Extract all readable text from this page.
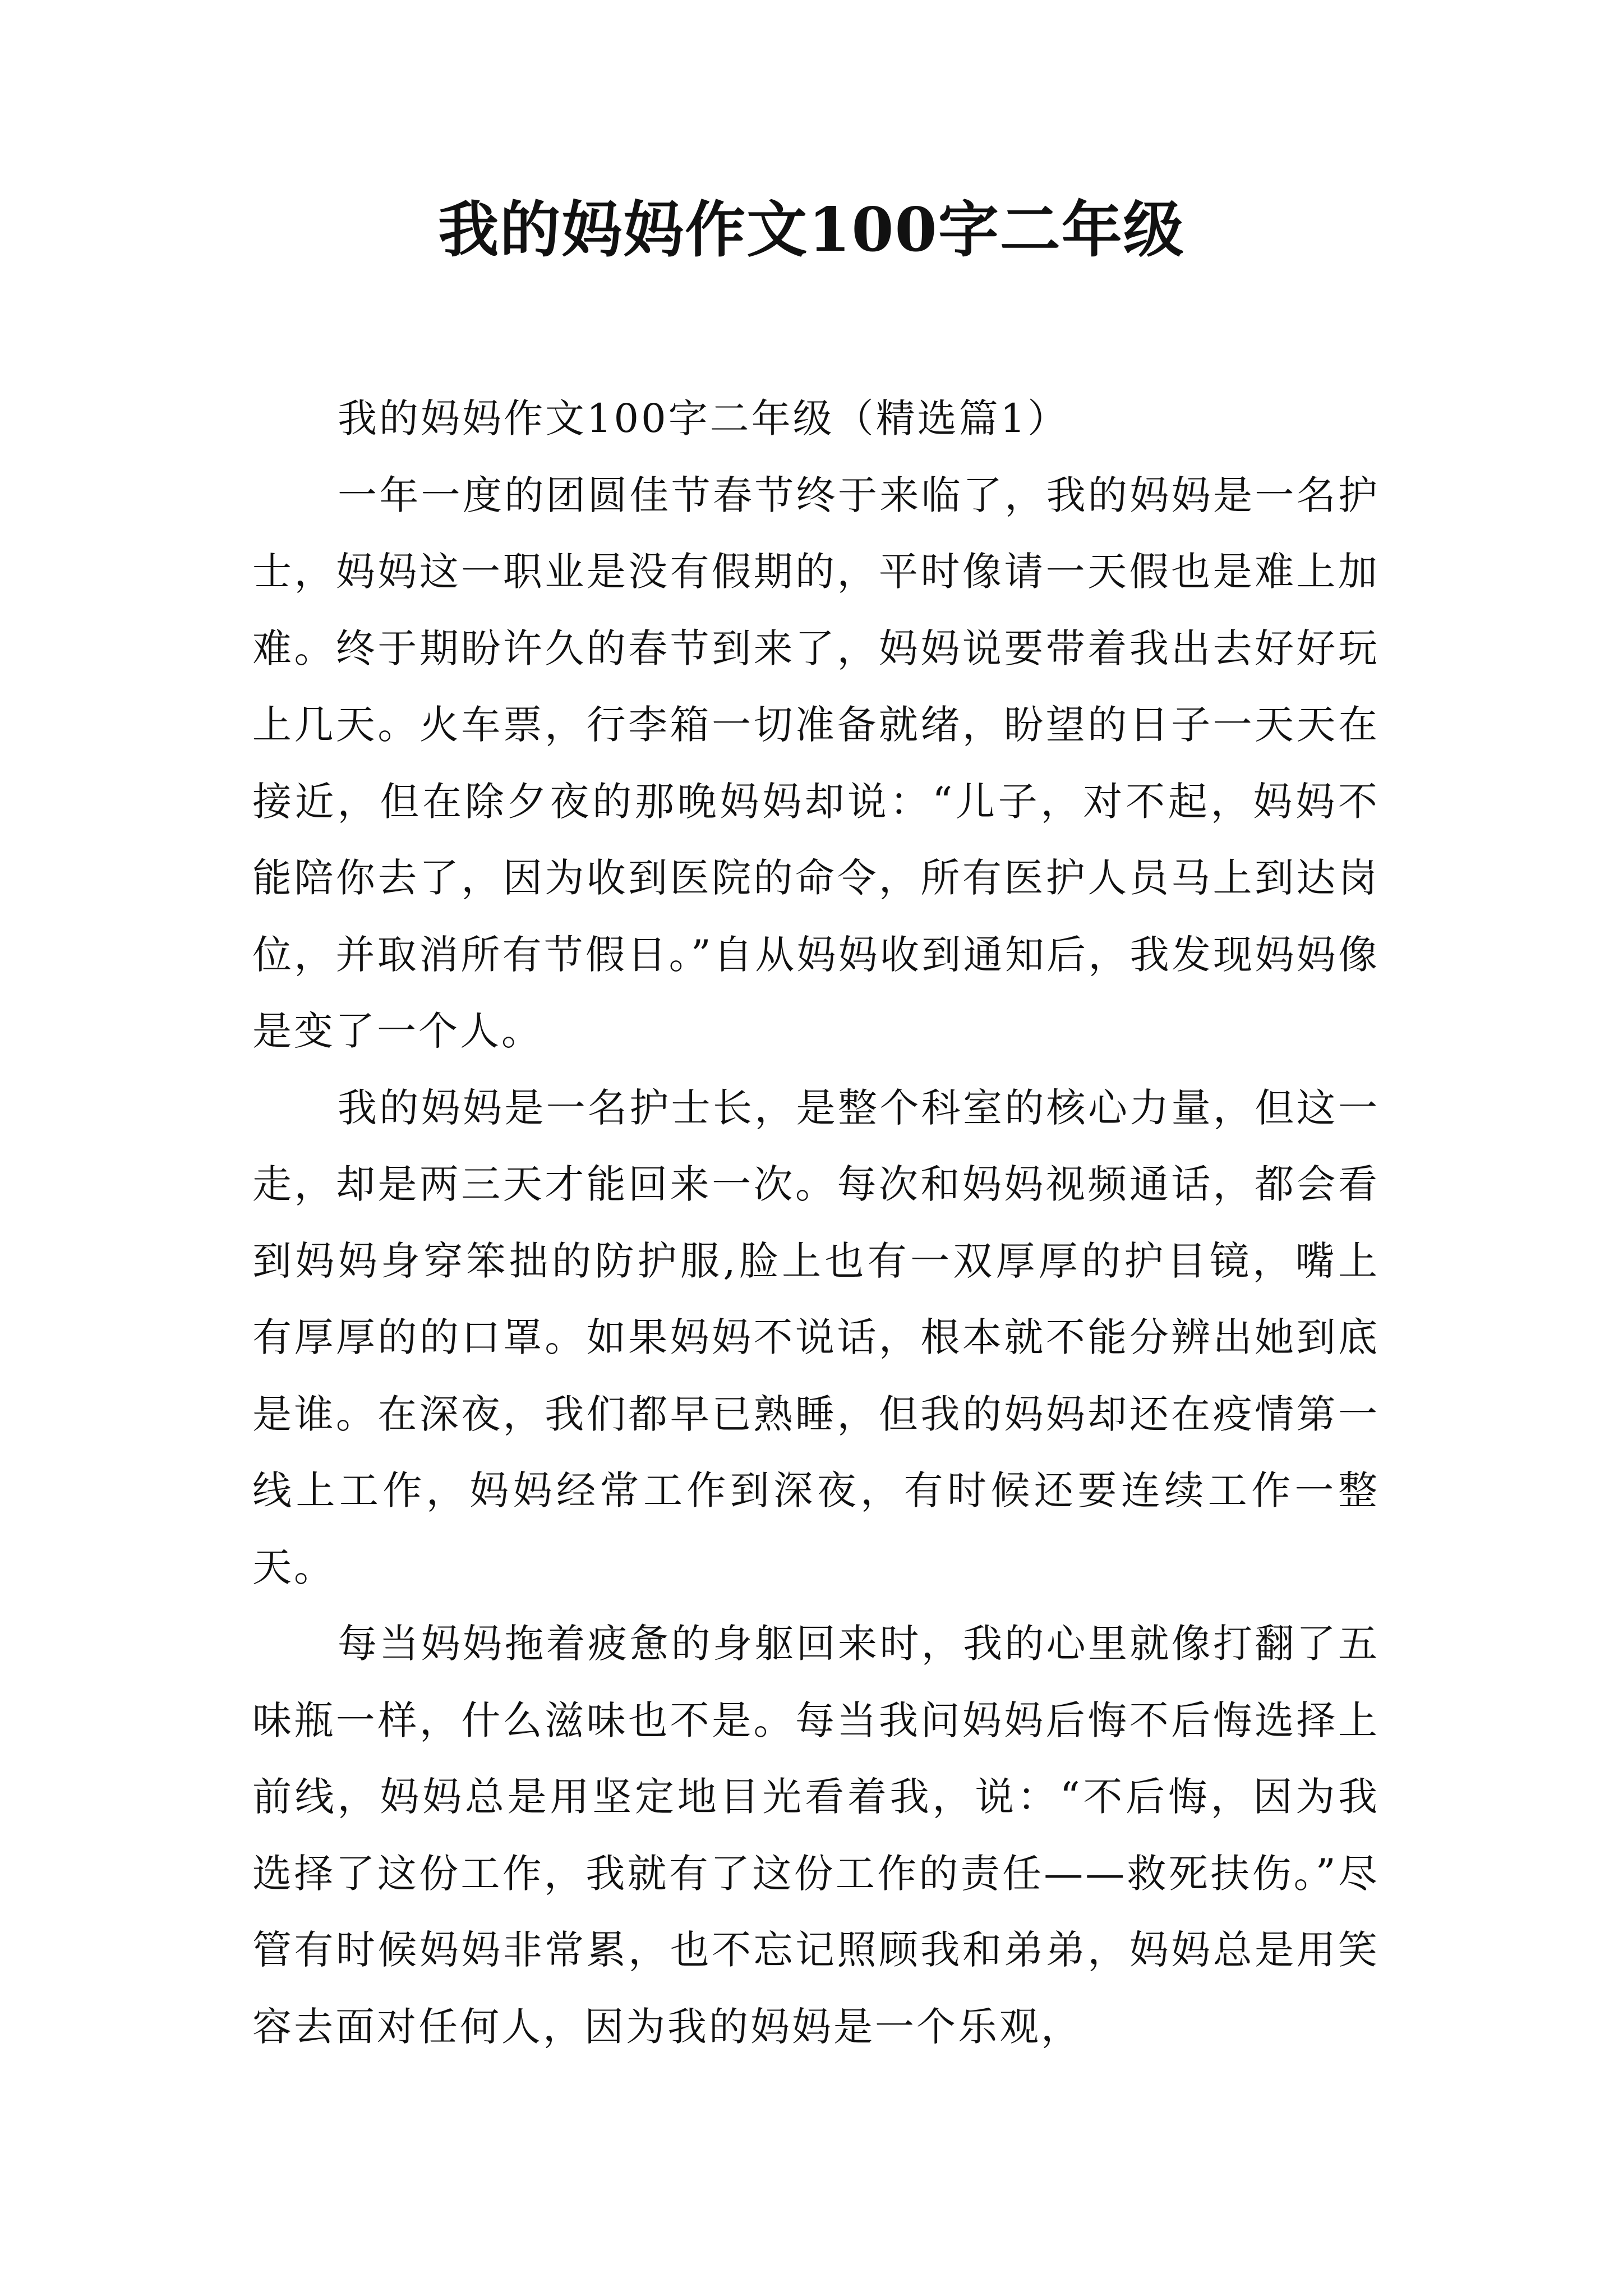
我的妈妈作文100字二年级
我的妈妈作文100字二年级（精选篇1）

一年一度的团圆佳节春节终于来临了，我的妈妈是一名护士，妈妈这一职业是没有假期的，平时像请一天假也是难上加难。终于期盼许久的春节到来了，妈妈说要带着我出去好好玩上几天。火车票，行李箱一切准备就绪，盼望的日子一天天在接近，但在除夕夜的那晚妈妈却说：“儿子，对不起，妈妈不能陪你去了，因为收到医院的命令，所有医护人员马上到达岗位，并取消所有节假日。”自从妈妈收到通知后，我发现妈妈像是变了一个人。

我的妈妈是一名护士长，是整个科室的核心力量，但这一走，却是两三天才能回来一次。每次和妈妈视频通话，都会看到妈妈身穿笨拙的防护服,脸上也有一双厚厚的护目镜，嘴上有厚厚的的口罩。如果妈妈不说话，根本就不能分辨出她到底是谁。在深夜，我们都早已熟睡，但我的妈妈却还在疫情第一线上工作，妈妈经常工作到深夜，有时候还要连续工作一整天。

每当妈妈拖着疲惫的身躯回来时，我的心里就像打翻了五味瓶一样，什么滋味也不是。每当我问妈妈后悔不后悔选择上前线，妈妈总是用坚定地目光看着我，说：“不后悔，因为我选择了这份工作，我就有了这份工作的责任——救死扶伤。”尽管有时候妈妈非常累，也不忘记照顾我和弟弟，妈妈总是用笑容去面对任何人，因为我的妈妈是一个乐观，
